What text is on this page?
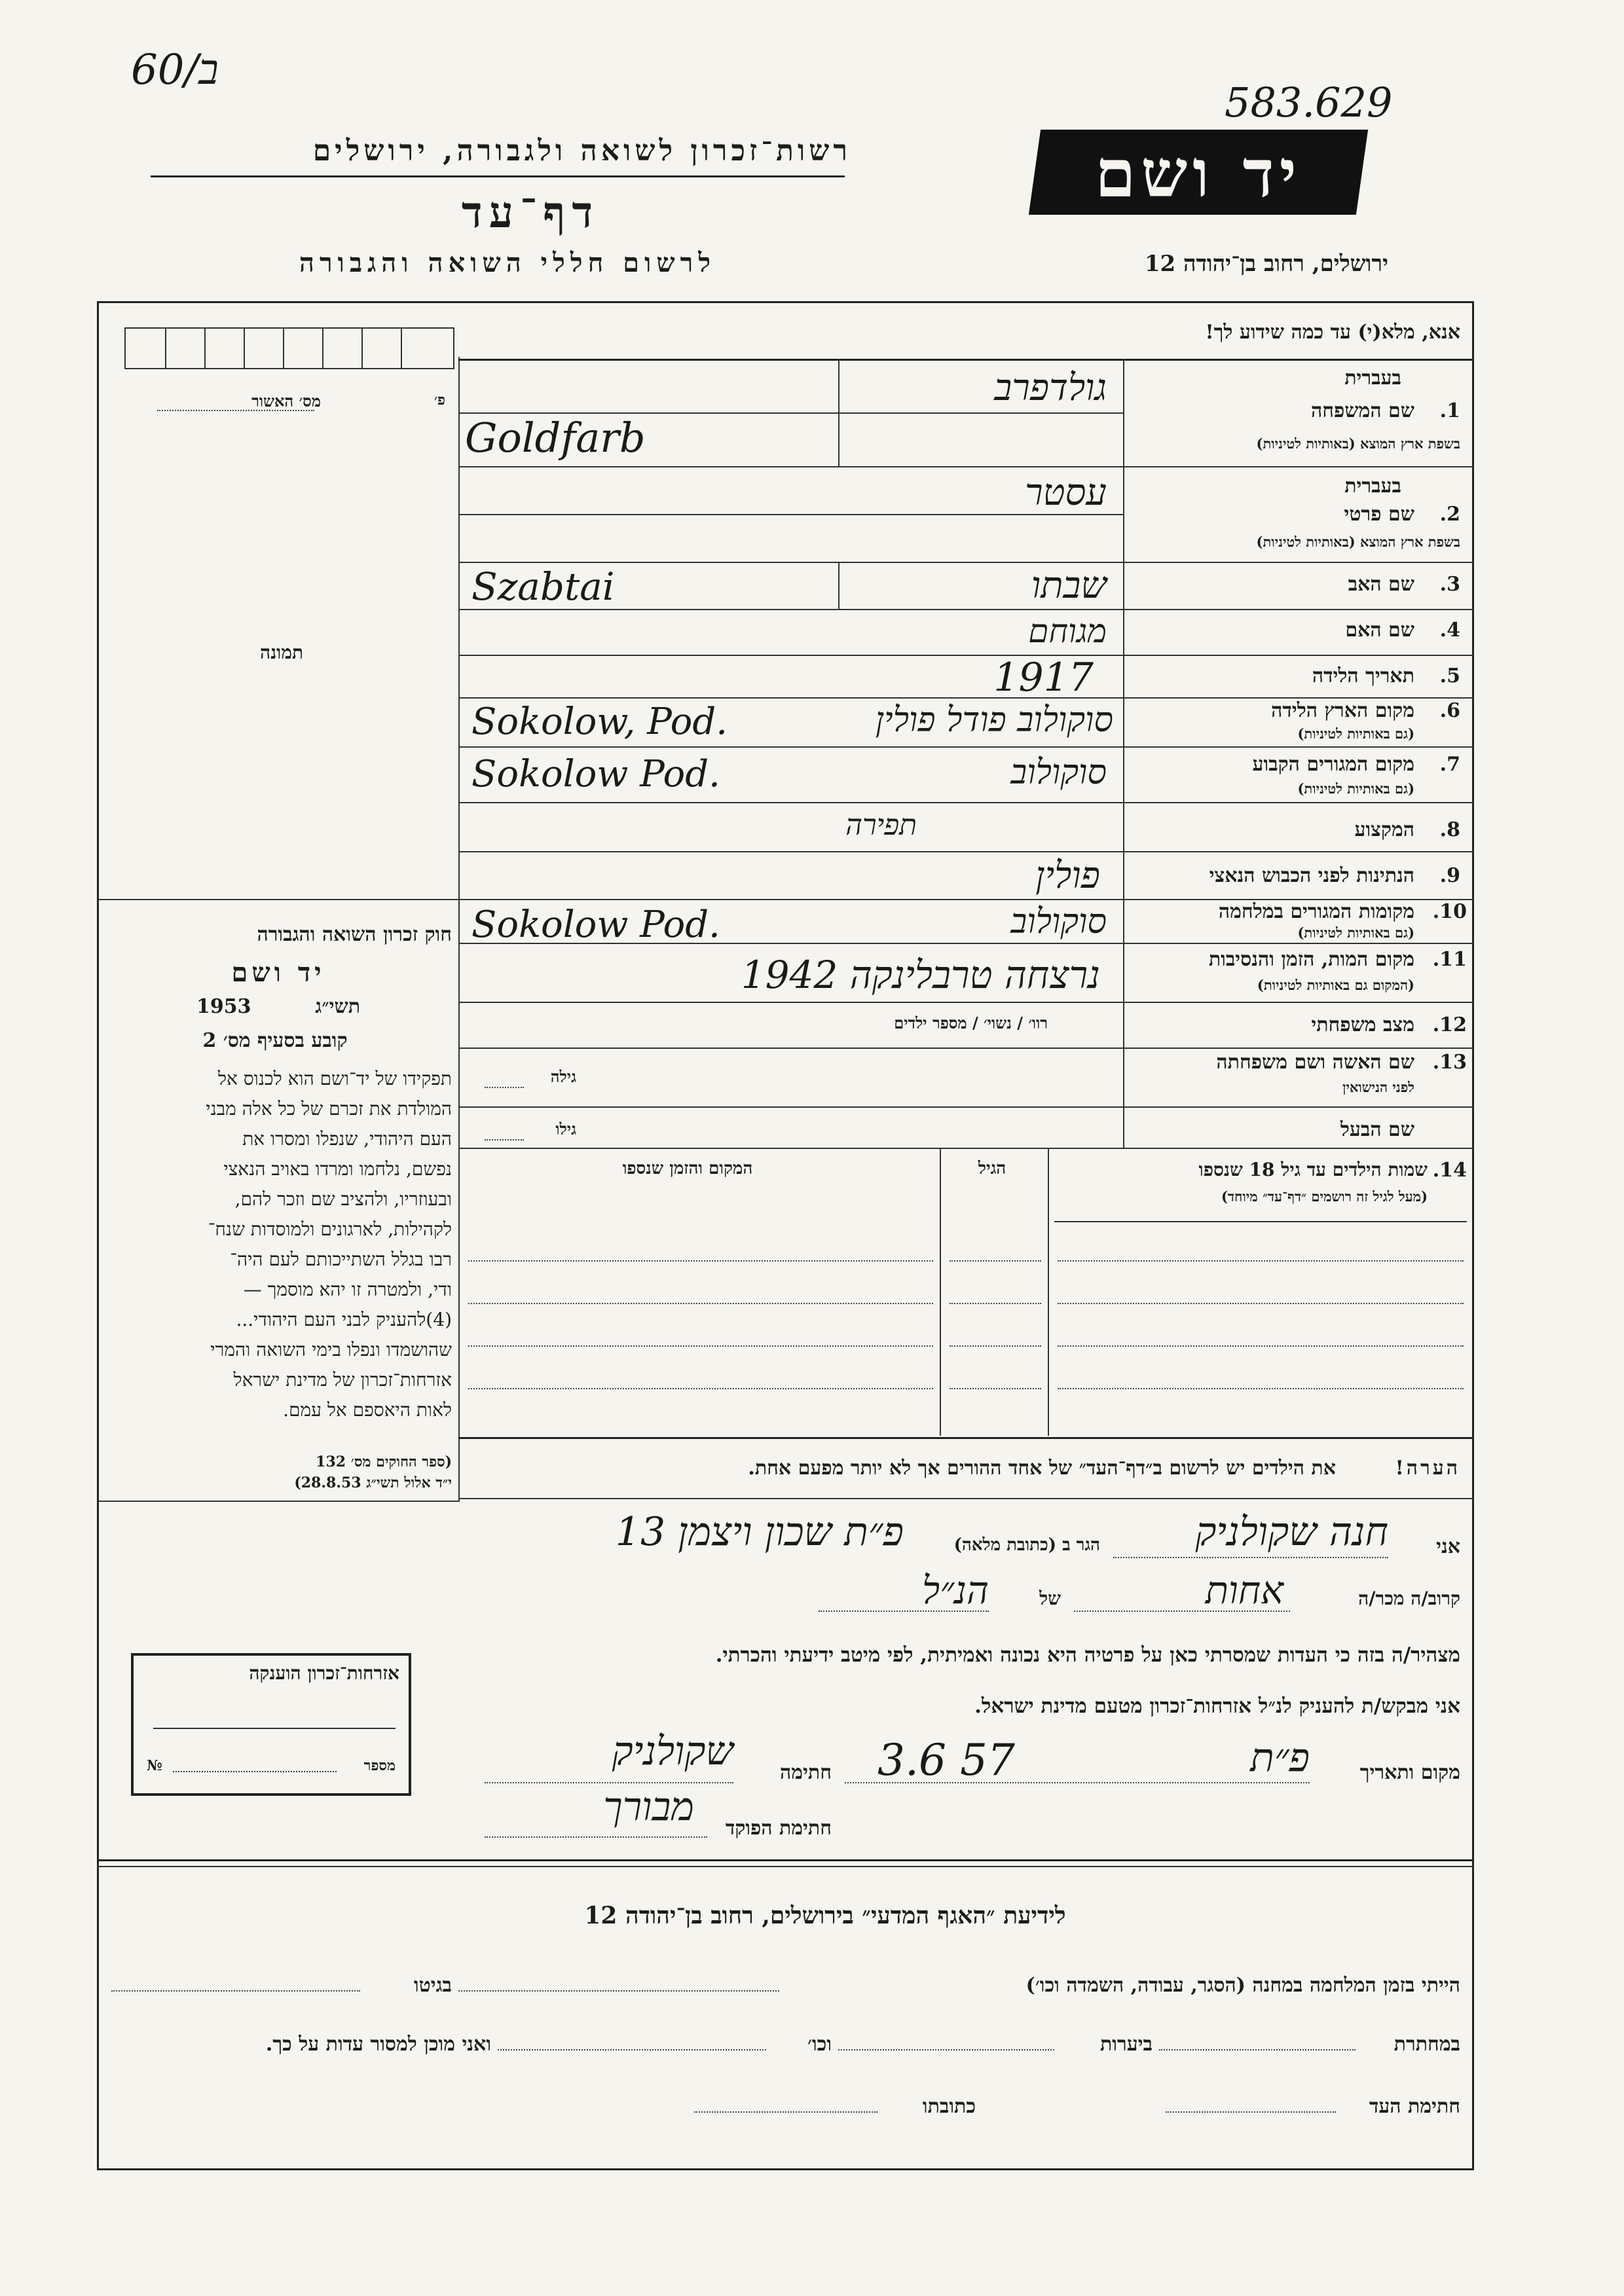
60/ב
583.629
רשות־זכרון לשואה ולגבורה, ירושלים
דף־עד
לרשום חללי השואה והגבורה
יד ושם
ירושלים, רחוב בן־יהודה 12
מס׳ האשור	פ׳
תמונה
חוק זכרון השואה והגבורה
יד ושם
1953	תשי״ג
קובע בסעיף מס׳ 2
תפקידו של יד־ושם הוא לכנוס אל
המולדת את זכרם של כל אלה מבני
העם היהודי, שנפלו ומסרו את
נפשם, נלחמו ומרדו באויב הנאצי
ובעוזריו, ולהציב שם וזכר להם,
לקהילות, לארגונים ולמוסדות שנח־
רבו בגלל השתייכותם לעם היה־
ודי, ולמטרה זו יהא מוסמך —
(4)להעניק לבני העם היהודי...
שהושמדו ונפלו בימי השואה והמרי
אזרחות־זכרון של מדינת ישראל
לאות היאספם אל עמם.
(ספר החוקים מס׳ 132
י״ד אלול תשי״ג 28.8.53)
אזרחות־זכרון הוענקה
מספר
№
אנא, מלא(י) עד כמה שידוע לך!
בעברית
1.
שם המשפחה
בשפת ארץ המוצא (באותיות לטיניות)
בעברית
2.
שם פרטי
בשפת ארץ המוצא (באותיות לטיניות)
3.
שם האב
4.
שם האם
5.
תאריך הלידה
6.
מקום הארץ הלידה
(גם באותיות לטיניות)
7.
מקום המגורים הקבוע
(גם באותיות לטיניות)
8.
המקצוע
9.
הנתינות לפני הכבוש הנאצי
10.
מקומות המגורים במלחמה
(גם באותיות לטיניות)
11.
מקום המות, הזמן והנסיבות
(המקום גם באותיות לטיניות)
12.
מצב משפחתי
13.
שם האשה ושם משפחתה
לפני הנישואין
שם הבעל
גולדפרב
Goldfarb
עסטר
שבתו
Szabtai
מגוחם
1917
סוקולוב פודל פולין
Sokolow, Pod.
סוקולוב
Sokolow Pod.
תפירה
פולין
סוקולוב
Sokolow Pod.
נרצחה טרבלינקה 1942
רוו׳ / נשוי׳ / מספר ילדים
גילה
גילו
14.
שמות הילדים עד גיל 18 שנספו
(מעל לגיל זה רושמים ״דף־עד״ מיוחד)
הגיל
המקום והזמן שנספו
הערה!
את הילדים יש לרשום ב״דף־העד״ של אחד ההורים אך לא יותר מפעם אחת.
אני
חנה שקולניק
הגר ב (כתובת מלאה)
פ״ת שכון ויצמן 13
קרוב/ה מכר/ה
אחות
של
הנ״ל
מצהיר/ה בזה כי העדות שמסרתי כאן על פרטיה היא נכונה ואמיתית, לפי מיטב ידיעתי והכרתי.
אני מבקש/ת להעניק לנ״ל אזרחות־זכרון מטעם מדינת ישראל.
מקום ותאריך
פ״ת
3.6 57
חתימה
שקולניק
חתימת הפוקד
מבורך
לידיעת ״האגף המדעי״ בירושלים, רחוב בן־יהודה 12
הייתי בזמן המלחמה במחנה (הסגר, עבודה, השמדה וכו׳)
בגיטו
במחתרת
ביערות
וכו׳
ואני מוכן למסור עדות על כך.
חתימת העד
כתובתו
